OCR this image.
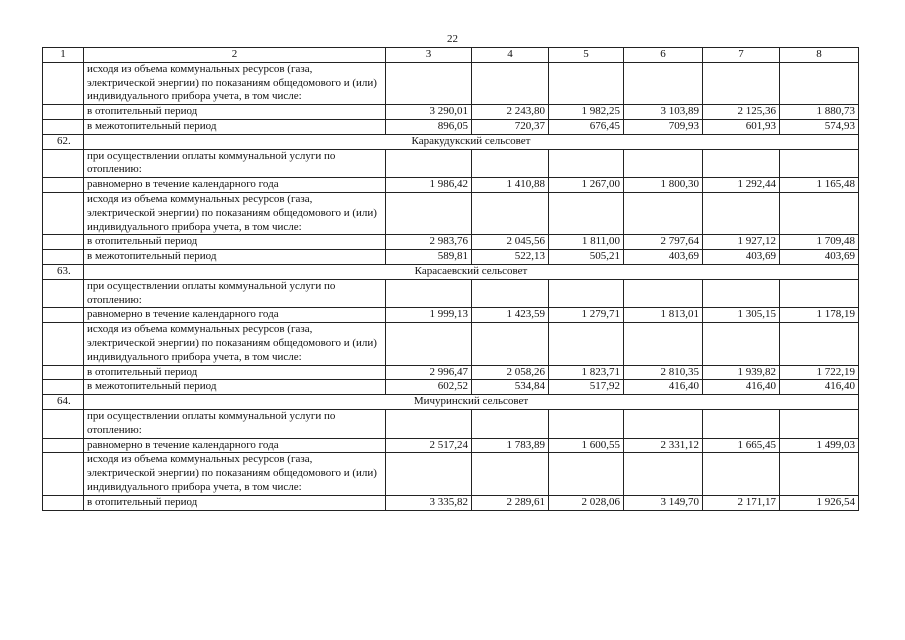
22
1	2	3	4	5	6	7	8
	исходя из объема коммунальных ресурсов (газа, электрической энергии) по показаниям общедомового и (или) индивидуального прибора учета, в том числе:						
	в отопительный период	3 290,01	2 243,80	1 982,25	3 103,89	2 125,36	1 880,73
	в межотопительный период	896,05	720,37	676,45	709,93	601,93	574,93
62.	Каракудукский сельсовет						
	при осуществлении оплаты коммунальной услуги по отоплению:						
	равномерно в течение календарного года	1 986,42	1 410,88	1 267,00	1 800,30	1 292,44	1 165,48
	исходя из объема коммунальных ресурсов (газа, электрической энергии) по показаниям общедомового и (или) индивидуального прибора учета, в том числе:						
	в отопительный период	2 983,76	2 045,56	1 811,00	2 797,64	1 927,12	1 709,48
	в межотопительный период	589,81	522,13	505,21	403,69	403,69	403,69
63.	Карасаевский сельсовет						
	при осуществлении оплаты коммунальной услуги по отоплению:						
	равномерно в течение календарного года	1 999,13	1 423,59	1 279,71	1 813,01	1 305,15	1 178,19
	исходя из объема коммунальных ресурсов (газа, электрической энергии) по показаниям общедомового и (или) индивидуального прибора учета, в том числе:						
	в отопительный период	2 996,47	2 058,26	1 823,71	2 810,35	1 939,82	1 722,19
	в межотопительный период	602,52	534,84	517,92	416,40	416,40	416,40
64.	Мичуринский сельсовет						
	при осуществлении оплаты коммунальной услуги по отоплению:						
	равномерно в течение календарного года	2 517,24	1 783,89	1 600,55	2 331,12	1 665,45	1 499,03
	исходя из объема коммунальных ресурсов (газа, электрической энергии) по показаниям общедомового и (или) индивидуального прибора учета, в том числе:						
	в отопительный период	3 335,82	2 289,61	2 028,06	3 149,70	2 171,17	1 926,54
